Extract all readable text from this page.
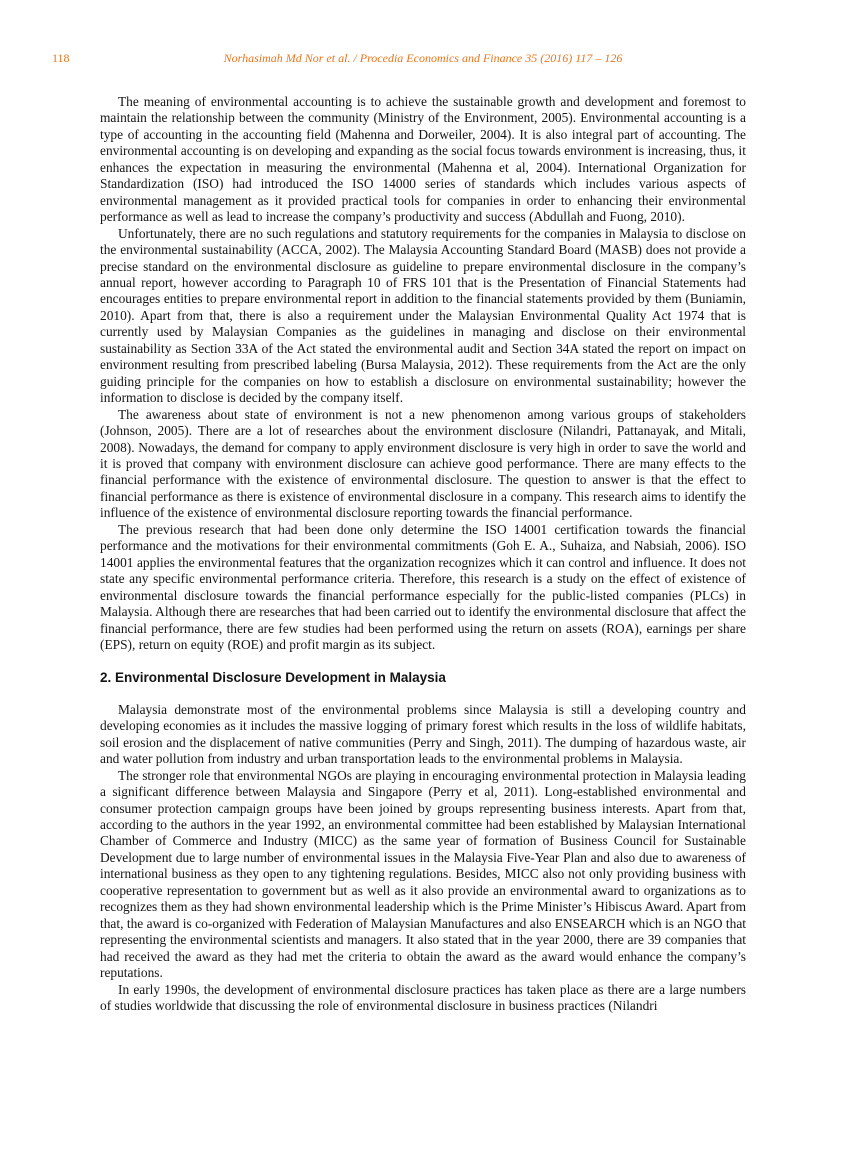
118	Norhasimah Md Nor et al. / Procedia Economics and Finance 35 (2016) 117 – 126

The meaning of environmental accounting is to achieve the sustainable growth and development and foremost to maintain the relationship between the community (Ministry of the Environment, 2005). Environmental accounting is a type of accounting in the accounting field (Mahenna and Dorweiler, 2004). It is also integral part of accounting. The environmental accounting is on developing and expanding as the social focus towards environment is increasing, thus, it enhances the expectation in measuring the environmental (Mahenna et al, 2004). International Organization for Standardization (ISO) had introduced the ISO 14000 series of standards which includes various aspects of environmental management as it provided practical tools for companies in order to enhancing their environmental performance as well as lead to increase the company’s productivity and success (Abdullah and Fuong, 2010).

Unfortunately, there are no such regulations and statutory requirements for the companies in Malaysia to disclose on the environmental sustainability (ACCA, 2002). The Malaysia Accounting Standard Board (MASB) does not provide a precise standard on the environmental disclosure as guideline to prepare environmental disclosure in the company’s annual report, however according to Paragraph 10 of FRS 101 that is the Presentation of Financial Statements had encourages entities to prepare environmental report in addition to the financial statements provided by them (Buniamin, 2010). Apart from that, there is also a requirement under the Malaysian Environmental Quality Act 1974 that is currently used by Malaysian Companies as the guidelines in managing and disclose on their environmental sustainability as Section 33A of the Act stated the environmental audit and Section 34A stated the report on impact on environment resulting from prescribed labeling (Bursa Malaysia, 2012). These requirements from the Act are the only guiding principle for the companies on how to establish a disclosure on environmental sustainability; however the information to disclose is decided by the company itself.

The awareness about state of environment is not a new phenomenon among various groups of stakeholders (Johnson, 2005). There are a lot of researches about the environment disclosure (Nilandri, Pattanayak, and Mitali, 2008). Nowadays, the demand for company to apply environment disclosure is very high in order to save the world and it is proved that company with environment disclosure can achieve good performance. There are many effects to the financial performance with the existence of environmental disclosure. The question to answer is that the effect to financial performance as there is existence of environmental disclosure in a company. This research aims to identify the influence of the existence of environmental disclosure reporting towards the financial performance.

The previous research that had been done only determine the ISO 14001 certification towards the financial performance and the motivations for their environmental commitments (Goh E. A., Suhaiza, and Nabsiah, 2006). ISO 14001 applies the environmental features that the organization recognizes which it can control and influence. It does not state any specific environmental performance criteria. Therefore, this research is a study on the effect of existence of environmental disclosure towards the financial performance especially for the public-listed companies (PLCs) in Malaysia. Although there are researches that had been carried out to identify the environmental disclosure that affect the financial performance, there are few studies had been performed using the return on assets (ROA), earnings per share (EPS), return on equity (ROE) and profit margin as its subject.

2. Environmental Disclosure Development in Malaysia

Malaysia demonstrate most of the environmental problems since Malaysia is still a developing country and developing economies as it includes the massive logging of primary forest which results in the loss of wildlife habitats, soil erosion and the displacement of native communities (Perry and Singh, 2011). The dumping of hazardous waste, air and water pollution from industry and urban transportation leads to the environmental problems in Malaysia.

The stronger role that environmental NGOs are playing in encouraging environmental protection in Malaysia leading a significant difference between Malaysia and Singapore (Perry et al, 2011). Long-established environmental and consumer protection campaign groups have been joined by groups representing business interests. Apart from that, according to the authors in the year 1992, an environmental committee had been established by Malaysian International Chamber of Commerce and Industry (MICC) as the same year of formation of Business Council for Sustainable Development due to large number of environmental issues in the Malaysia Five-Year Plan and also due to awareness of international business as they open to any tightening regulations. Besides, MICC also not only providing business with cooperative representation to government but as well as it also provide an environmental award to organizations as to recognizes them as they had shown environmental leadership which is the Prime Minister’s Hibiscus Award. Apart from that, the award is co-organized with Federation of Malaysian Manufactures and also ENSEARCH which is an NGO that representing the environmental scientists and managers. It also stated that in the year 2000, there are 39 companies that had received the award as they had met the criteria to obtain the award as the award would enhance the company’s reputations.

In early 1990s, the development of environmental disclosure practices has taken place as there are a large numbers of studies worldwide that discussing the role of environmental disclosure in business practices (Nilandri
